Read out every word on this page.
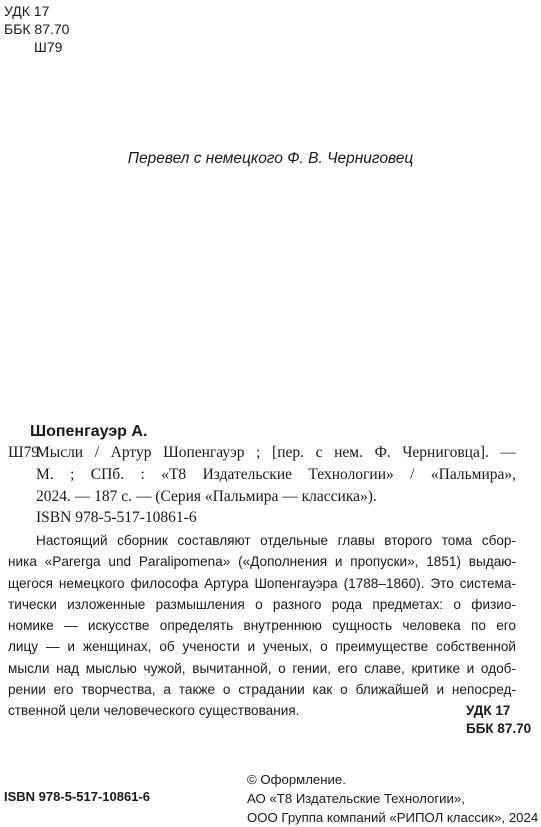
УДК 17
ББК 87.70
Ш79
Перевел с немецкого Ф. В. Черниговец
Шопенгауэр А.
Ш79Мысли / Артур Шопенгауэр ; [пер. с нем. Ф. Черниговца]. —
М. ; СПб. : «Т8 Издательские Технологии» / «Пальмира»,
2024. — 187 с. — (Серия «Пальмира — классика»).
ISBN 978-5-517-10861-6
Настоящий сборник составляют отдельные главы второго тома сбор-
ника «Parerga und Paralipomena» («Дополнения и пропуски», 1851) выдаю-
щегося немецкого философа Артура Шопенгауэра (1788–1860). Это система-
тически изложенные размышления о разного рода предметах: о физио-
номике — искусстве определять внутреннюю сущность человека по его
лицу — и женщинах, об учености и ученых, о преимуществе собственной
мысли над мыслью чужой, вычитанной, о гении, его славе, критике и одоб-
рении его творчества, а также о страдании как о ближайшей и непосред-
ственной цели человеческого существования.	УДК 17
ББК 87.70
© Оформление.
АО «Т8 Издательские Технологии»,
ООО Группа компаний «РИПОЛ классик», 2024
ISBN 978-5-517-10861-6
